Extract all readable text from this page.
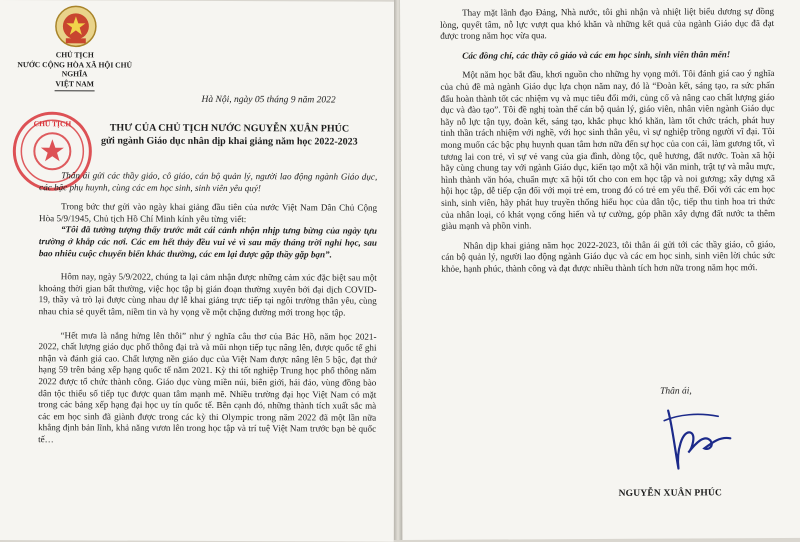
CHỦ TỊCH
NƯỚC CỘNG HÒA XÃ HỘI CHỦ NGHĨA
VIỆT NAM
Hà Nội, ngày 05 tháng 9 năm 2022
THƯ CỦA CHỦ TỊCH NƯỚC NGUYỄN XUÂN PHÚC
gửi ngành Giáo dục nhân dịp khai giảng năm học 2022-2023
CHỦ TỊCH

Thân ái gửi các thầy giáo, cô giáo, cán bộ quản lý, người lao động ngành Giáo dục, các bậc phụ huynh, cùng các em học sinh, sinh viên yêu quý!

Trong bức thư gửi vào ngày khai giảng đầu tiên của nước Việt Nam Dân Chủ Cộng Hòa 5/9/1945, Chủ tịch Hồ Chí Minh kính yêu từng viết:

“Tôi đã tưởng tượng thấy trước mắt cái cảnh nhộn nhịp tưng bừng của ngày tựu trường ở khắp các nơi. Các em hết thảy đều vui vẻ vì sau mấy tháng trời nghỉ học, sau bao nhiêu cuộc chuyển biến khác thường, các em lại được gặp thầy gặp bạn”.

Hôm nay, ngày 5/9/2022, chúng ta lại cảm nhận được những cảm xúc đặc biệt sau một khoảng thời gian bất thường, việc học tập bị gián đoạn thường xuyên bởi đại dịch COVID-19, thầy và trò lại được cùng nhau dự lễ khai giảng trực tiếp tại ngôi trường thân yêu, cùng nhau chia sẻ quyết tâm, niềm tin và hy vọng về một chặng đường mới trong học tập.

“Hết mưa là nắng hửng lên thôi” như ý nghĩa câu thơ của Bác Hồ, năm học 2021-2022, chất lượng giáo dục phổ thông đại trà và mũi nhọn tiếp tục nâng lên, được quốc tế ghi nhận và đánh giá cao. Chất lượng nền giáo dục của Việt Nam được nâng lên 5 bậc, đạt thứ hạng 59 trên bảng xếp hạng quốc tế năm 2021. Kỳ thi tốt nghiệp Trung học phổ thông năm 2022 được tổ chức thành công. Giáo dục vùng miền núi, biên giới, hải đảo, vùng đồng bào dân tộc thiểu số tiếp tục được quan tâm mạnh mẽ. Nhiều trường đại học Việt Nam có mặt trong các bảng xếp hạng đại học uy tín quốc tế. Bên cạnh đó, những thành tích xuất sắc mà các em học sinh đã giành được trong các kỳ thi Olympic trong năm 2022 đã một lần nữa khẳng định bản lĩnh, khả năng vươn lên trong học tập và trí tuệ Việt Nam trước bạn bè quốc tế…

Thay mặt lãnh đạo Đảng, Nhà nước, tôi ghi nhận và nhiệt liệt biểu dương sự đồng lòng, quyết tâm, nỗ lực vượt qua khó khăn và những kết quả của ngành Giáo dục đã đạt được trong năm học vừa qua.

Các đồng chí, các thầy cô giáo và các em học sinh, sinh viên thân mến!

Một năm học bắt đầu, khơi nguồn cho những hy vọng mới. Tôi đánh giá cao ý nghĩa của chủ đề mà ngành Giáo dục lựa chọn năm nay, đó là “Đoàn kết, sáng tạo, ra sức phấn đấu hoàn thành tốt các nhiệm vụ và mục tiêu đổi mới, củng cố và nâng cao chất lượng giáo dục và đào tạo”. Tôi đề nghị toàn thể cán bộ quản lý, giáo viên, nhân viên ngành Giáo dục hãy nỗ lực tận tụy, đoàn kết, sáng tạo, khắc phục khó khăn, làm tốt chức trách, phát huy tinh thần trách nhiệm với nghề, với học sinh thân yêu, vì sự nghiệp trồng người vĩ đại. Tôi mong muốn các bậc phụ huynh quan tâm hơn nữa đến sự học của con cái, làm gương tốt, vì tương lai con trẻ, vì sự vẻ vang của gia đình, dòng tộc, quê hương, đất nước. Toàn xã hội hãy cùng chung tay với ngành Giáo dục, kiến tạo một xã hội văn minh, trật tự và mẫu mực, hình thành văn hóa, chuẩn mực xã hội tốt cho con em học tập và noi gương; xây dựng xã hội học tập, dễ tiếp cận đối với mọi trẻ em, trong đó có trẻ em yếu thế. Đối với các em học sinh, sinh viên, hãy phát huy truyền thống hiếu học của dân tộc, tiếp thu tinh hoa tri thức của nhân loại, có khát vọng cống hiến và tự cường, góp phần xây dựng đất nước ta thêm giàu mạnh và phồn vinh.

Nhân dịp khai giảng năm học 2022-2023, tôi thân ái gửi tới các thầy giáo, cô giáo, cán bộ quản lý, người lao động ngành Giáo dục và các em học sinh, sinh viên lời chúc sức khỏe, hạnh phúc, thành công và đạt được nhiều thành tích hơn nữa trong năm học mới.

Thân ái,
NGUYỄN XUÂN PHÚC
